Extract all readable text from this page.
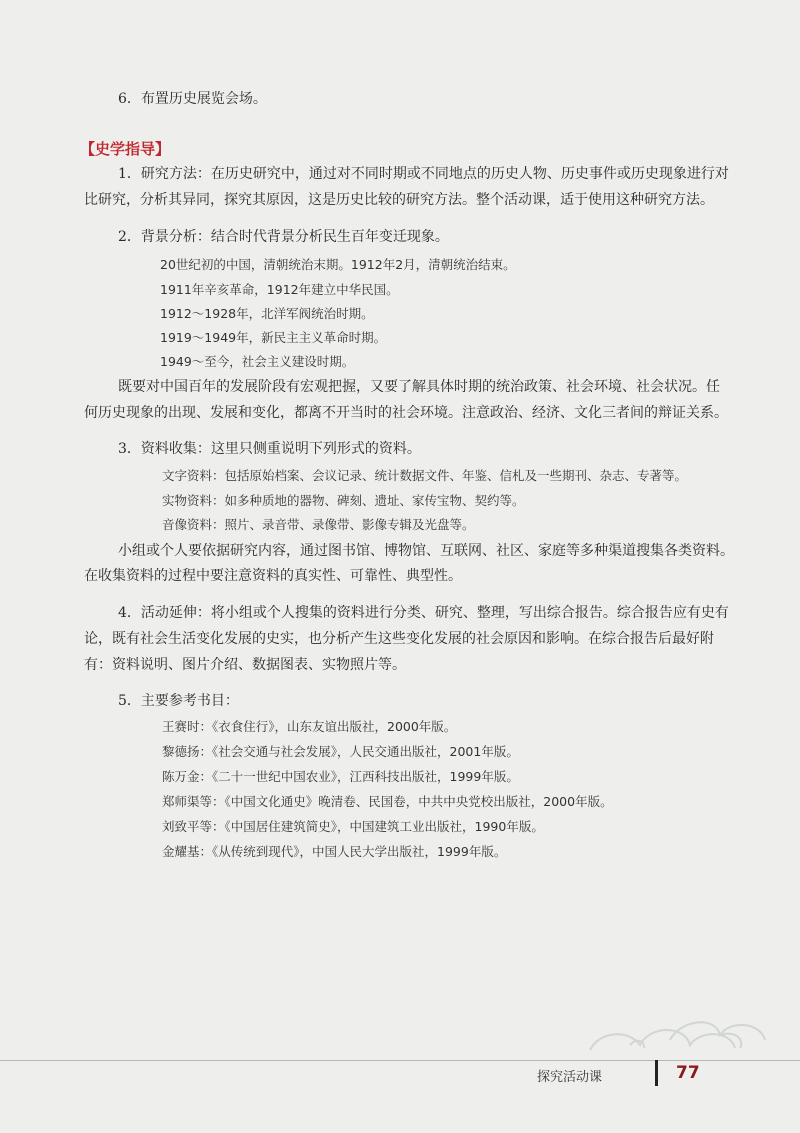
6．布置历史展览会场。
【史学指导】
1．研究方法：在历史研究中，通过对不同时期或不同地点的历史人物、历史事件或历史现象进行对
比研究，分析其异同，探究其原因，这是历史比较的研究方法。整个活动课，适于使用这种研究方法。
2．背景分析：结合时代背景分析民生百年变迁现象。
20世纪初的中国，清朝统治末期。1912年2月，清朝统治结束。
1911年辛亥革命，1912年建立中华民国。
1912～1928年，北洋军阀统治时期。
1919～1949年，新民主主义革命时期。
1949～至今，社会主义建设时期。
既要对中国百年的发展阶段有宏观把握，又要了解具体时期的统治政策、社会环境、社会状况。任
何历史现象的出现、发展和变化，都离不开当时的社会环境。注意政治、经济、文化三者间的辩证关系。
3．资料收集：这里只侧重说明下列形式的资料。
文字资料：包括原始档案、会议记录、统计数据文件、年鉴、信札及一些期刊、杂志、专著等。
实物资料：如多种质地的器物、碑刻、遗址、家传宝物、契约等。
音像资料：照片、录音带、录像带、影像专辑及光盘等。
小组或个人要依据研究内容，通过图书馆、博物馆、互联网、社区、家庭等多种渠道搜集各类资料。
在收集资料的过程中要注意资料的真实性、可靠性、典型性。
4．活动延伸：将小组或个人搜集的资料进行分类、研究、整理，写出综合报告。综合报告应有史有
论，既有社会生活变化发展的史实，也分析产生这些变化发展的社会原因和影响。在综合报告后最好附
有：资料说明、图片介绍、数据图表、实物照片等。
5．主要参考书目：
王赛时：《衣食住行》，山东友谊出版社，2000年版。
黎德扬：《社会交通与社会发展》，人民交通出版社，2001年版。
陈万金：《二十一世纪中国农业》，江西科技出版社，1999年版。
郑师渠等：《中国文化通史》晚清卷、民国卷，中共中央党校出版社，2000年版。
刘致平等：《中国居住建筑简史》，中国建筑工业出版社，1990年版。
金耀基：《从传统到现代》，中国人民大学出版社，1999年版。
探究活动课	77
